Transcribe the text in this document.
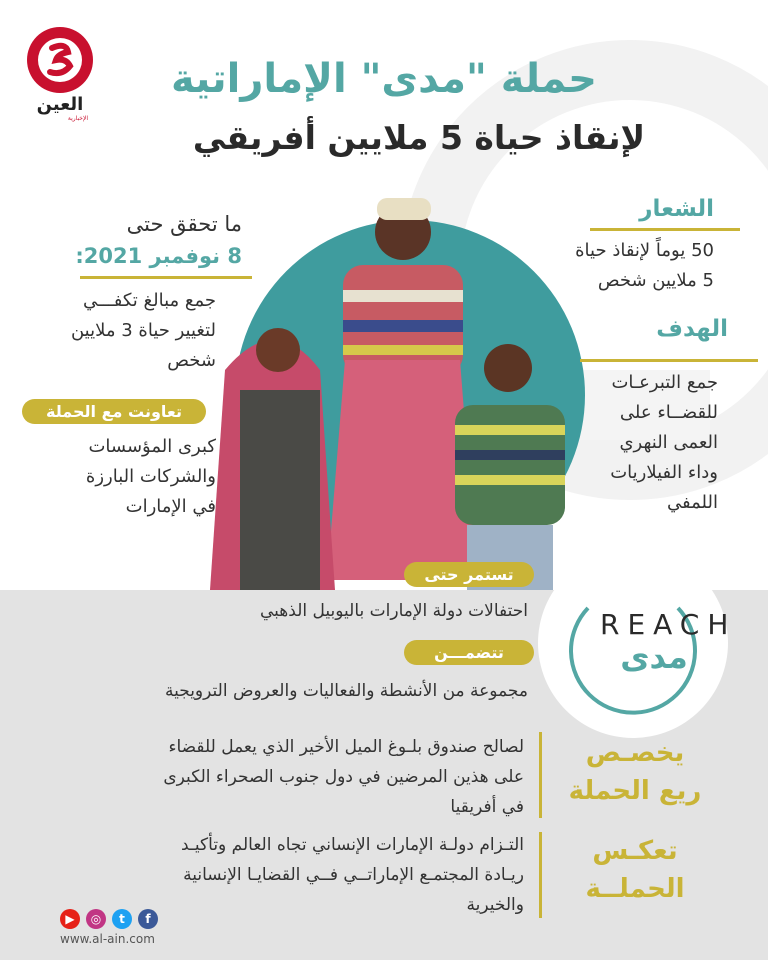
العين
الإخبارية
حملة "مدى" الإماراتية
لإنقاذ حياة 5 ملايين أفريقي
الشعار
50 يوماً لإنقاذ حياة
5 ملايين شخص
الهدف
جمع التبرعـات
للقضــاء على
العمى النهري
وداء الفيلاريات
اللمفي
ما تحقق حتى
8 نوفمبر 2021:
جمع مبالغ تكفـــي
لتغيير حياة 3 ملايين
شخص
تعاونت مع الحملة
كبرى المؤسسات
والشركات البارزة
في الإمارات
REACH
مدى
تستمر حتى
احتفالات دولة الإمارات باليوبيل الذهبي
تتضمـــن
مجموعة من الأنشطة والفعاليات والعروض الترويجية
يخصـص
ريع الحملة
لصالح صندوق بلـوغ الميل الأخير الذي يعمل للقضاء
على هذين المرضين في دول جنوب الصحراء الكبرى
في أفريقيا
تعكـس
الحملــة
التـزام دولـة الإمارات الإنساني تجاه العالم وتأكيـد
ريـادة المجتمـع الإماراتــي فــي القضايـا الإنسانية
والخيرية
▶	◎	t	f
www.al-ain.com
